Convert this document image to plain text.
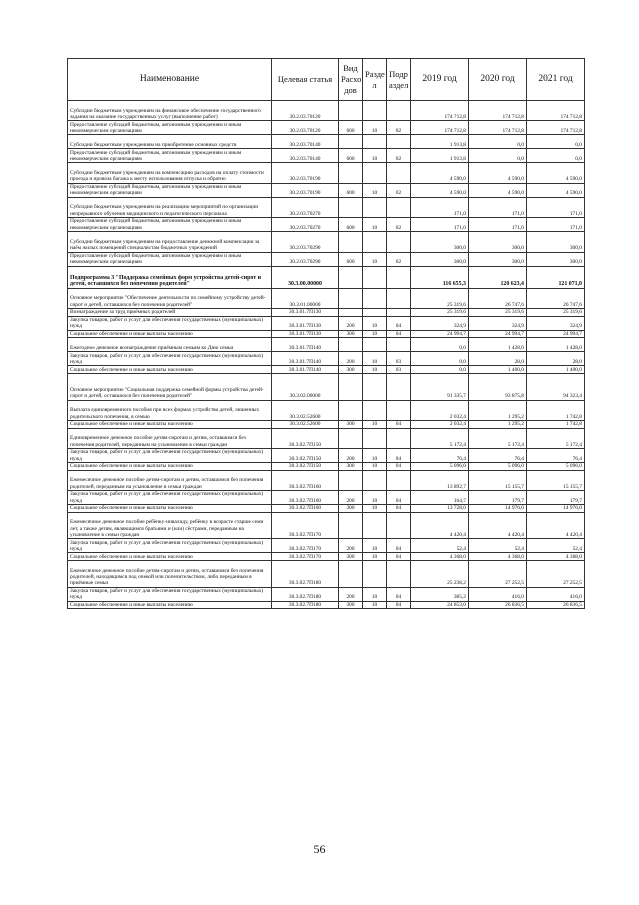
Наименование	Целевая статья	Вид Расхо дов	Разде л	Подр аздел	2019 год	2020 год	2021 год
Субсидии бюджетным учреждениям на финансовое обеспечение государственного задания на оказание государственных услуг (выполнение работ)	30.2.03.70120				174 712,8	174 712,8	174 712,8
Предоставление субсидий бюджетным, автономным учреждениям и иным некоммерческим организациям	30.2.03.70120	600	10	02	174 712,8	174 712,8	174 712,8
Субсидии бюджетным учреждениям на приобретение основных средств	30.2.03.70140				1 913,8	0,0	0,0
Предоставление субсидий бюджетным, автономным учреждениям и иным некоммерческим организациям	30.2.03.70140	600	10	02	1 913,8	0,0	0,0
Субсидии бюджетным учреждениям на компенсацию расходов на оплату стоимости проезда и провоза багажа к месту использования отпуска и обратно	30.2.03.70190				4 590,0	4 590,0	4 590,0
Предоставление субсидий бюджетным, автономным учреждениям и иным некоммерческим организациям	30.2.03.70190	600	10	02	4 590,0	4 590,0	4 590,0
Субсидии бюджетным учреждениям на реализацию мероприятий по организации непрерывного обучения медицинского и педагогического персонала	30.2.03.70270				171,0	171,0	171,0
Предоставление субсидий бюджетным, автономным учреждениям и иным некоммерческим организациям	30.2.03.70270	600	10	02	171,0	171,0	171,0
Субсидии бюджетным учреждениям на предоставление денежной компенсации за наём жилых помещений специалистам бюджетных учреждений	30.2.03.70290				300,0	300,0	300,0
Предоставление субсидий бюджетным, автономным учреждениям и иным некоммерческим организациям	30.2.03.70290	600	10	02	300,0	300,0	300,0
Подпрограмма 3 "Поддержка семейных форм устройства детей-сирот и детей, оставшихся без попечения родителей"	30.3.00.00000				116 655,3	120 623,4	121 071,0
Основное мероприятие "Обеспечение деятельности по семейному устройству детей-сирот и детей, оставшихся без попечения родителей"	30.3.01.00000				25 319,6	26 747,6	26 747,6
Вознаграждение за труд приёмных родителей	30.3.01.7П130				25 319,6	25 319,6	25 319,6
Закупка товаров, работ и услуг для обеспечения государственных (муниципальных) нужд	30.3.01.7П130	200	10	04	324,9	324,9	324,9
Социальное обеспечение и иные выплаты населению	30.3.01.7П130	300	10	04	24 994,7	24 994,7	24 994,7
Ежегодное денежное вознаграждение приёмным семьям ко Дню семьи	30.3.01.7П140				0,0	1 428,0	1 428,0
Закупка товаров, работ и услуг для обеспечения государственных (муниципальных) нужд	30.3.01.7П140	200	10	03	0,0	28,0	28,0
Социальное обеспечение и иные выплаты населению	30.3.01.7П140	300	10	03	0,0	1 400,0	1 400,0
Основное мероприятие "Социальная поддержка семейной формы устройства детей-сирот и детей, оставшихся без попечения родителей"	30.3.02.00000				91 335,7	93 875,8	94 323,4
Выплата единовременного пособия при всех формах устройства детей, лишенных родительского попечения, в семью	30.3.02.52600				2 032,4	1 295,2	1 742,8
Социальное обеспечение и иные выплаты населению	30.3.02.52600	300	10	04	2 032,4	1 295,2	1 742,8
Единовременное денежное пособие детям-сиротам и детям, оставшимся без попечения родителей, переданным на усыновление в семьи граждан	30.3.02.7П150				5 172,4	5 172,4	5 172,4
Закупка товаров, работ и услуг для обеспечения государственных (муниципальных) нужд	30.3.02.7П150	200	10	04	76,4	76,4	76,4
Социальное обеспечение и иные выплаты населению	30.3.02.7П150	300	10	04	5 096,0	5 096,0	5 096,0
Ежемесячное денежное пособие детям-сиротам и детям, оставшимся без попечения родителей, переданным на усыновление в семьи граждан	30.3.02.7П160				13 892,7	15 155,7	15 155,7
Закупка товаров, работ и услуг для обеспечения государственных (муниципальных) нужд	30.3.02.7П160	200	10	04	164,7	179,7	179,7
Социальное обеспечение и иные выплаты населению	30.3.02.7П160	300	10	04	13 728,0	14 976,0	14 976,0
Ежемесячное денежное пособие ребёнку-инвалиду, ребёнку в возрасте старше семи лет, а также детям, являющимся братьями и (или) сёстрами, переданным на усыновление в семьи граждан	30.3.02.7П170				4 420,4	4 420,4	4 420,4
Закупка товаров, работ и услуг для обеспечения государственных (муниципальных) нужд	30.3.02.7П170	200	10	04	52,4	52,4	52,4
Социальное обеспечение и иные выплаты населению	30.3.02.7П170	300	10	04	4 368,0	4 368,0	4 368,0
Ежемесячное денежное пособие детям-сиротам и детям, оставшимся без попечения родителей, находящимся под опекой или попечительством, либо переданным в приёмные семьи	30.3.02.7П180				25 238,2	27 252,5	27 252,5
Закупка товаров, работ и услуг для обеспечения государственных (муниципальных) нужд	30.3.02.7П180	200	10	04	385,2	416,0	416,0
Социальное обеспечение и иные выплаты населению	30.3.02.7П180	300	10	04	24 853,0	26 836,5	26 836,5
56
